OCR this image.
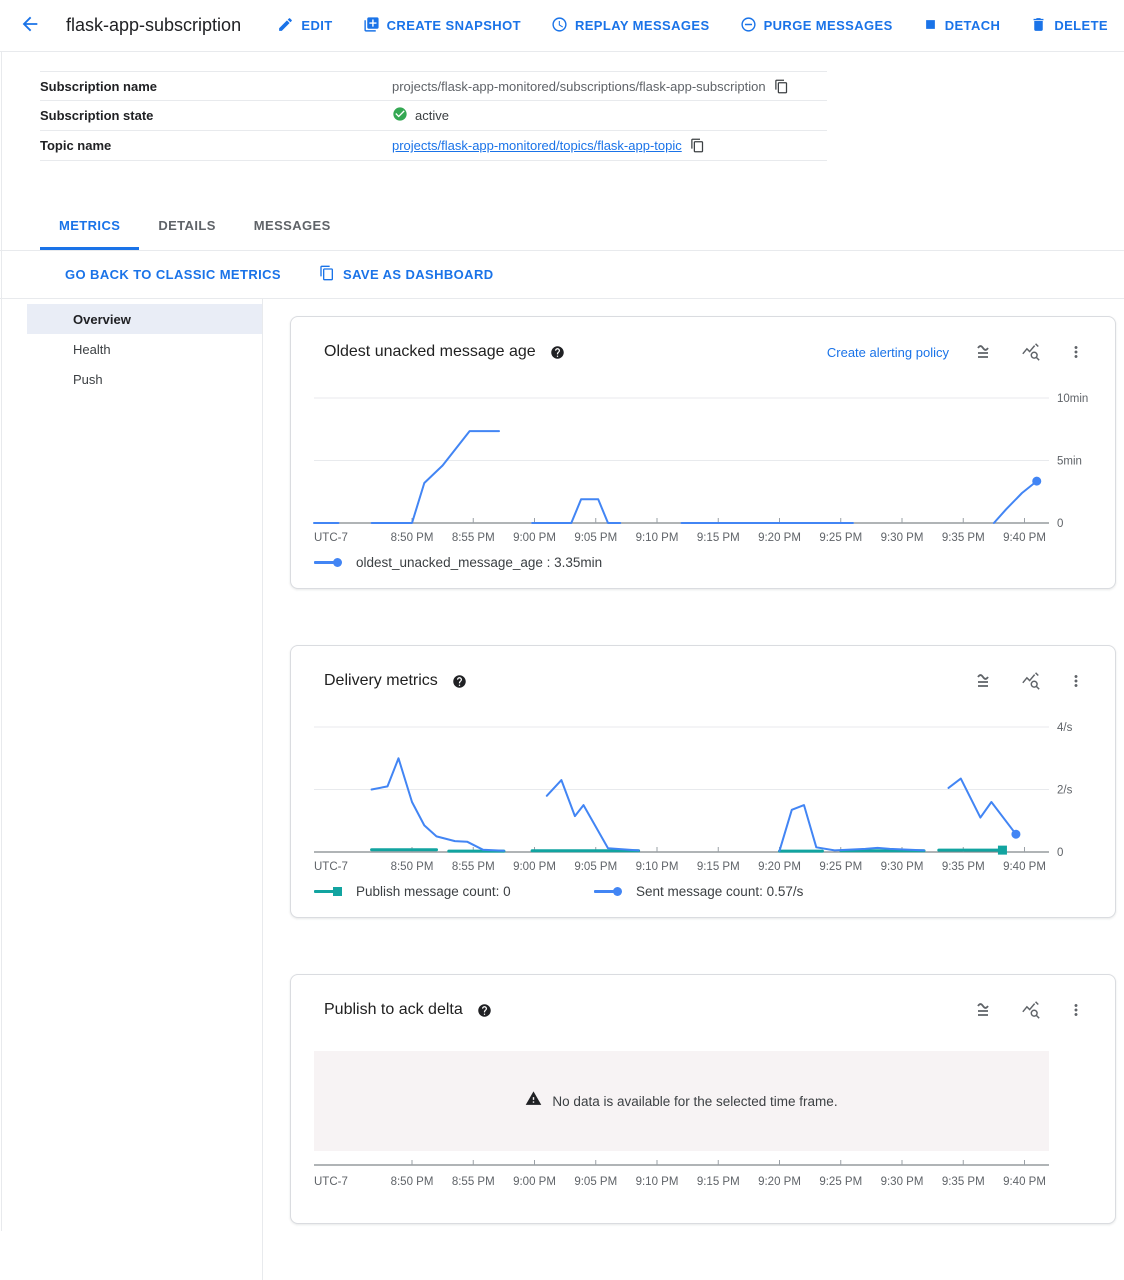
flask-app-subscription	EDIT	CREATE SNAPSHOT	REPLAY MESSAGES	PURGE MESSAGES	DETACH	DELETE
Subscription name	projects/flask-app-monitored/subscriptions/flask-app-subscription
Subscription state	active
Topic name	projects/flask-app-monitored/topics/flask-app-topic
METRICS	DETAILS	MESSAGES
GO BACK TO CLASSIC METRICS	SAVE AS DASHBOARD
Overview
Health
Push
Oldest unacked message age	Create alerting policy
0
5min
10min
8:50 PM 8:55 PM 9:00 PM 9:05 PM 9:10 PM 9:15 PM 9:20 PM 9:25 PM 9:30 PM 9:35 PM 9:40 PM
UTC-7
oldest_unacked_message_age : 3.35min
Delivery metrics
0
2/s
4/s
8:50 PM 8:55 PM 9:00 PM 9:05 PM 9:10 PM 9:15 PM 9:20 PM 9:25 PM 9:30 PM 9:35 PM 9:40 PM
UTC-7
Publish message count: 0	Sent message count: 0.57/s
Publish to ack delta
No data is available for the selected time frame.
8:50 PM 8:55 PM 9:00 PM 9:05 PM 9:10 PM 9:15 PM 9:20 PM 9:25 PM 9:30 PM 9:35 PM 9:40 PM
UTC-7
